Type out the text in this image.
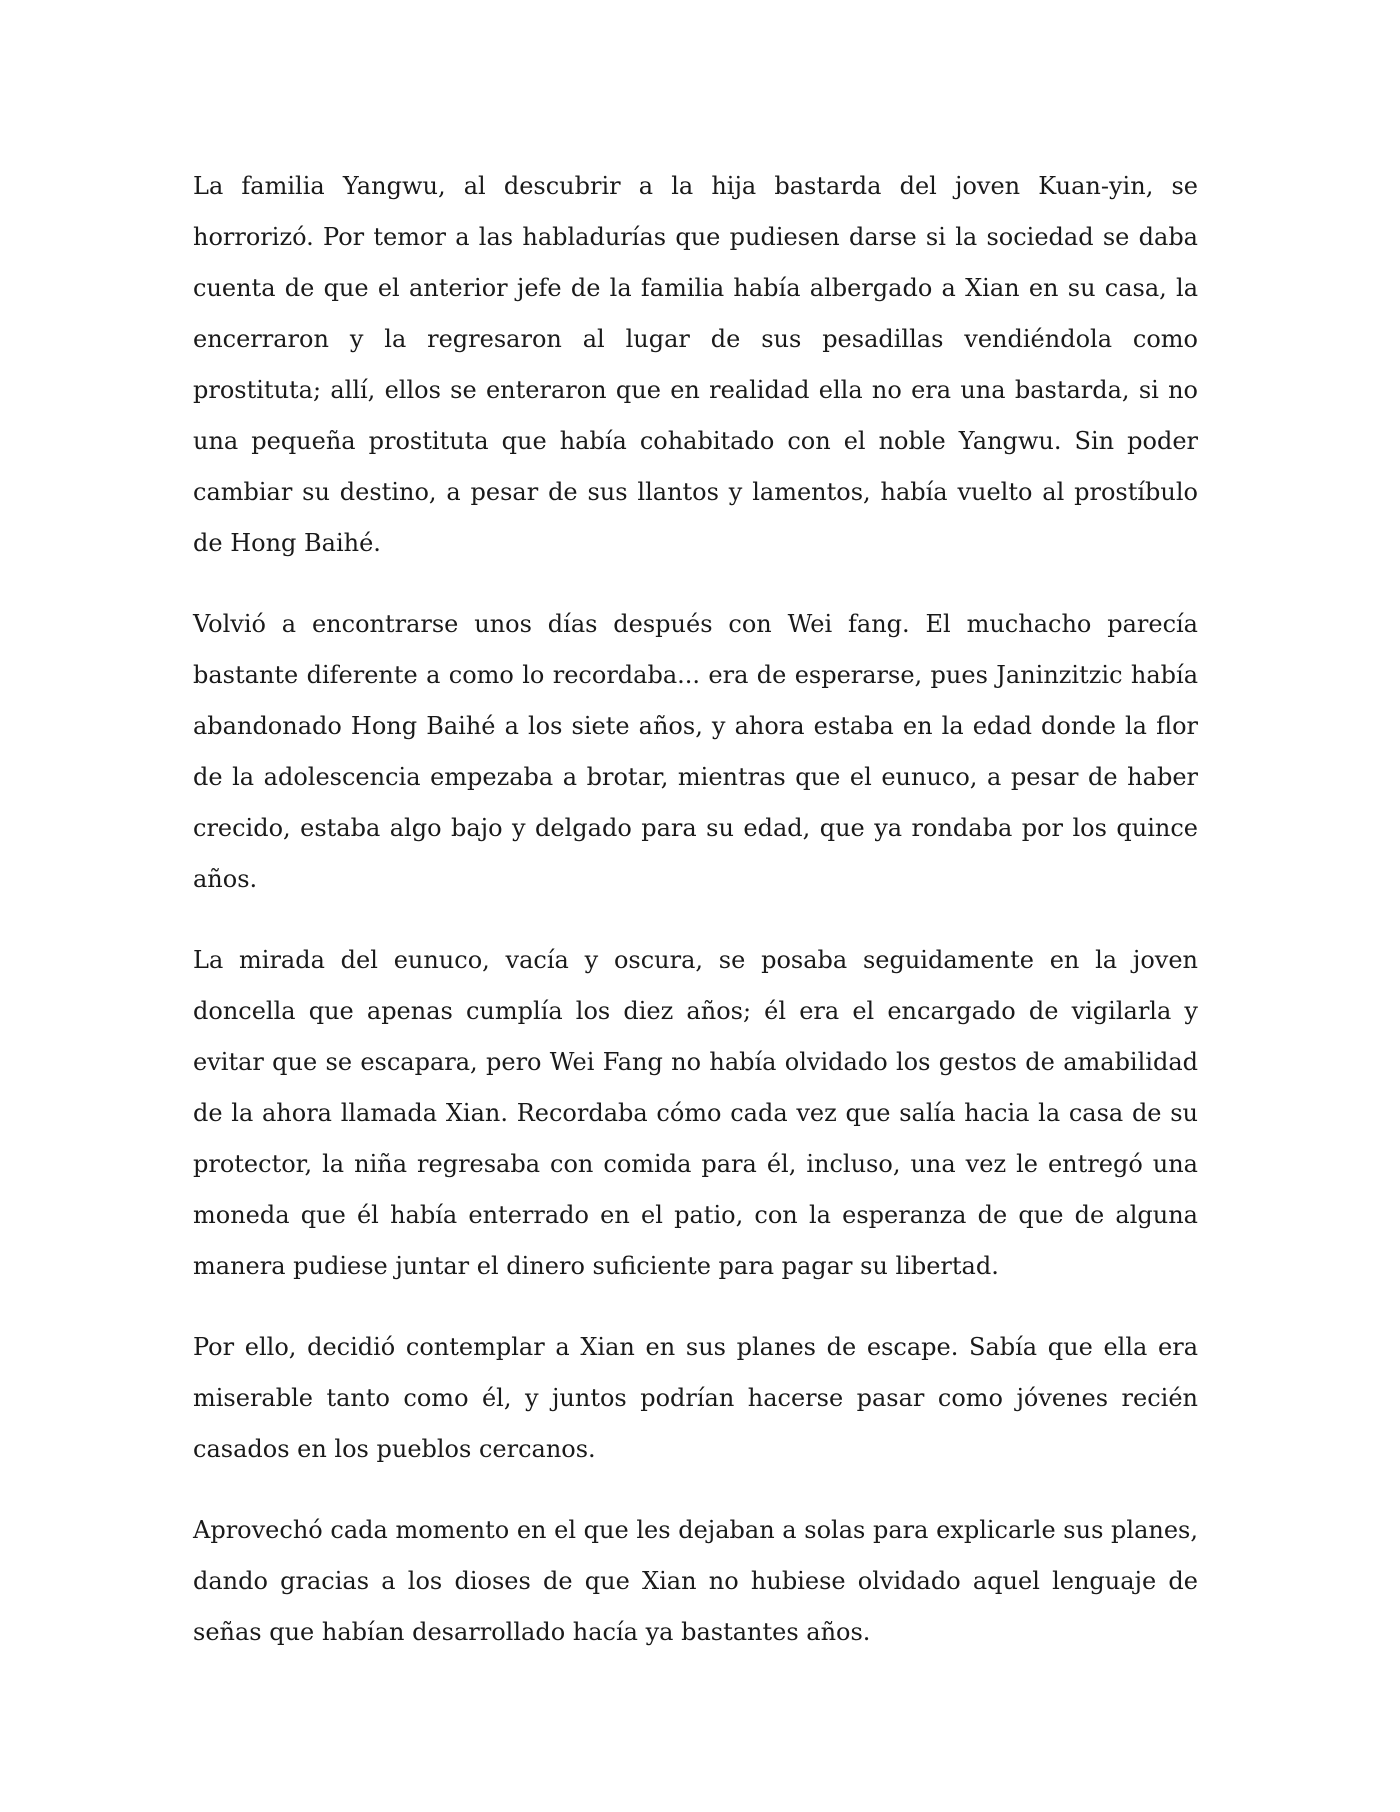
La familia Yangwu, al descubrir a la hija bastarda del joven Kuan-yin, se horrorizó. Por temor a las habladurías que pudiesen darse si la sociedad se daba cuenta de que el anterior jefe de la familia había albergado a Xian en su casa, la encerraron y la regresaron al lugar de sus pesadillas vendiéndola como prostituta; allí, ellos se enteraron que en realidad ella no era una bastarda, si no una pequeña prostituta que había cohabitado con el noble Yangwu. Sin poder cambiar su destino, a pesar de sus llantos y lamentos, había vuelto al prostíbulo de Hong Baihé.

Volvió a encontrarse unos días después con Wei fang. El muchacho parecía bastante diferente a como lo recordaba... era de esperarse, pues Janinzitzic había abandonado Hong Baihé a los siete años, y ahora estaba en la edad donde la flor de la adolescencia empezaba a brotar, mientras que el eunuco, a pesar de haber crecido, estaba algo bajo y delgado para su edad, que ya rondaba por los quince años.

La mirada del eunuco, vacía y oscura, se posaba seguidamente en la joven doncella que apenas cumplía los diez años; él era el encargado de vigilarla y evitar que se escapara, pero Wei Fang no había olvidado los gestos de amabilidad de la ahora llamada Xian. Recordaba cómo cada vez que salía hacia la casa de su protector, la niña regresaba con comida para él, incluso, una vez le entregó una moneda que él había enterrado en el patio, con la esperanza de que de alguna manera pudiese juntar el dinero suficiente para pagar su libertad.

Por ello, decidió contemplar a Xian en sus planes de escape. Sabía que ella era miserable tanto como él, y juntos podrían hacerse pasar como jóvenes recién casados en los pueblos cercanos.

Aprovechó cada momento en el que les dejaban a solas para explicarle sus planes, dando gracias a los dioses de que Xian no hubiese olvidado aquel lenguaje de señas que habían desarrollado hacía ya bastantes años.
